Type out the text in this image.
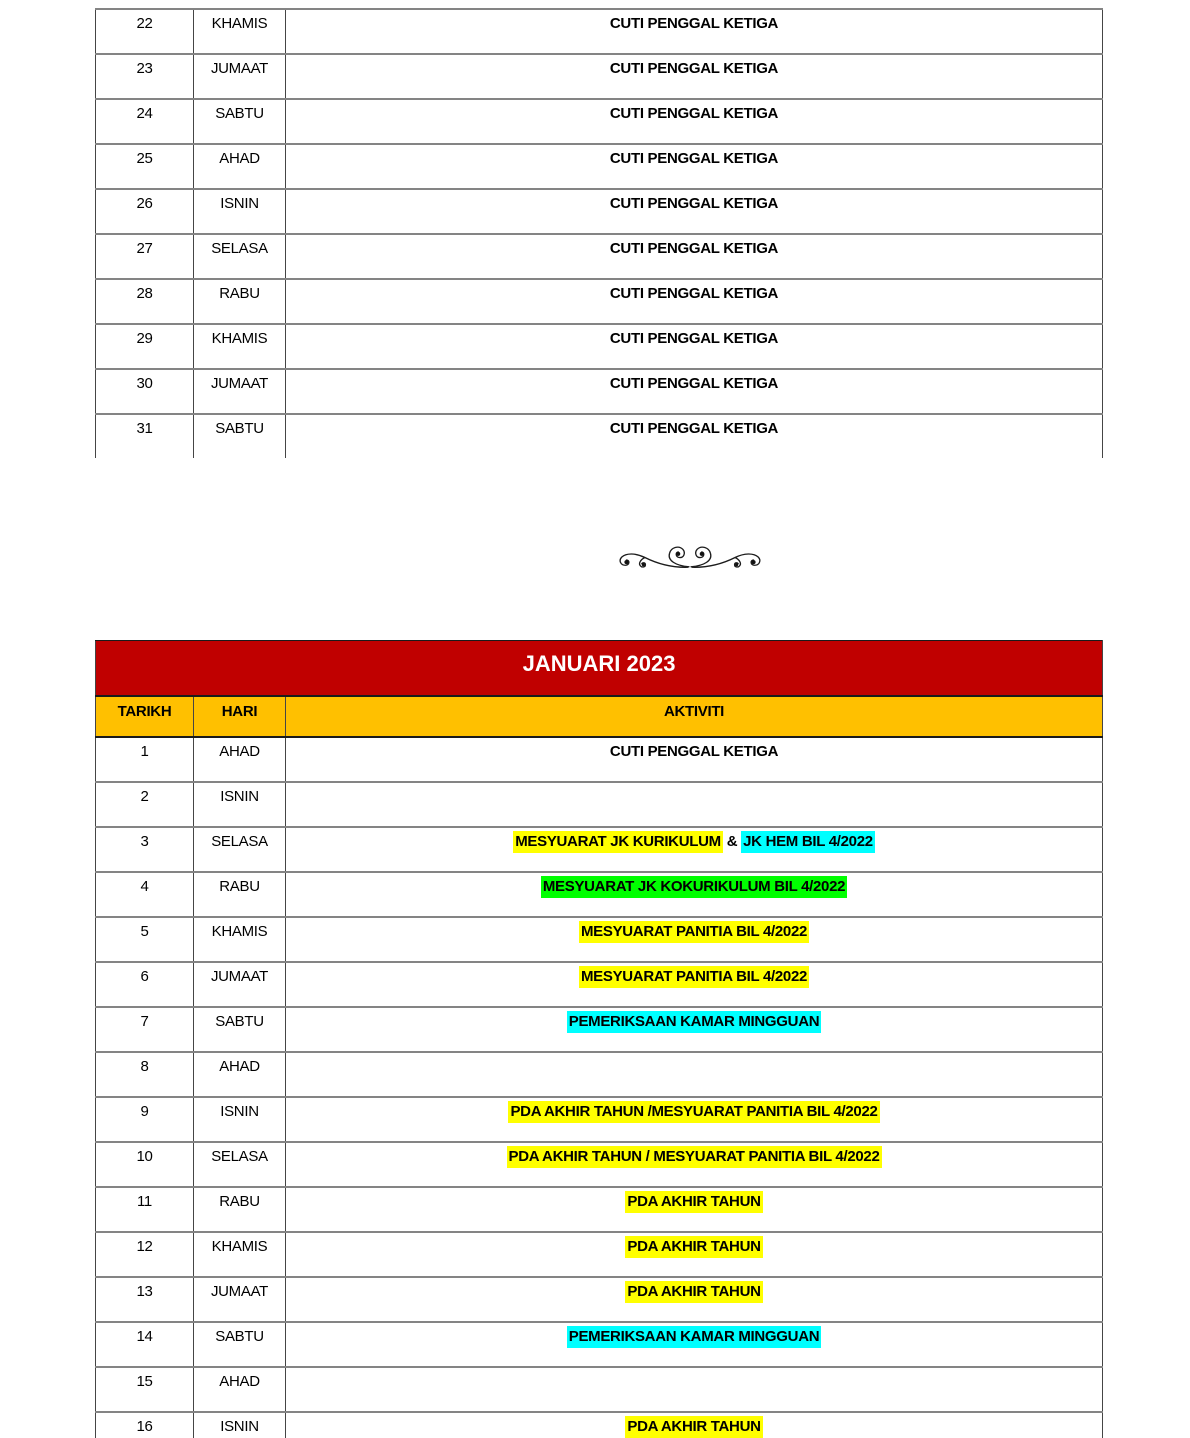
22	KHAMIS	CUTI PENGGAL KETIGA
23	JUMAAT	CUTI PENGGAL KETIGA
24	SABTU	CUTI PENGGAL KETIGA
25	AHAD	CUTI PENGGAL KETIGA
26	ISNIN	CUTI PENGGAL KETIGA
27	SELASA	CUTI PENGGAL KETIGA
28	RABU	CUTI PENGGAL KETIGA
29	KHAMIS	CUTI PENGGAL KETIGA
30	JUMAAT	CUTI PENGGAL KETIGA
31	SABTU	CUTI PENGGAL KETIGA
JANUARI 2023		
TARIKH	HARI	AKTIVITI
1	AHAD	CUTI PENGGAL KETIGA
2	ISNIN	
3	SELASA	MESYUARAT JK KURIKULUM & JK HEM BIL 4/2022
4	RABU	MESYUARAT JK KOKURIKULUM BIL 4/2022
5	KHAMIS	MESYUARAT PANITIA BIL 4/2022
6	JUMAAT	MESYUARAT PANITIA BIL 4/2022
7	SABTU	PEMERIKSAAN KAMAR MINGGUAN
8	AHAD	
9	ISNIN	PDA AKHIR TAHUN /MESYUARAT PANITIA BIL 4/2022
10	SELASA	PDA AKHIR TAHUN / MESYUARAT PANITIA BIL 4/2022
11	RABU	PDA AKHIR TAHUN
12	KHAMIS	PDA AKHIR TAHUN
13	JUMAAT	PDA AKHIR TAHUN
14	SABTU	PEMERIKSAAN KAMAR MINGGUAN
15	AHAD	
16	ISNIN	PDA AKHIR TAHUN
